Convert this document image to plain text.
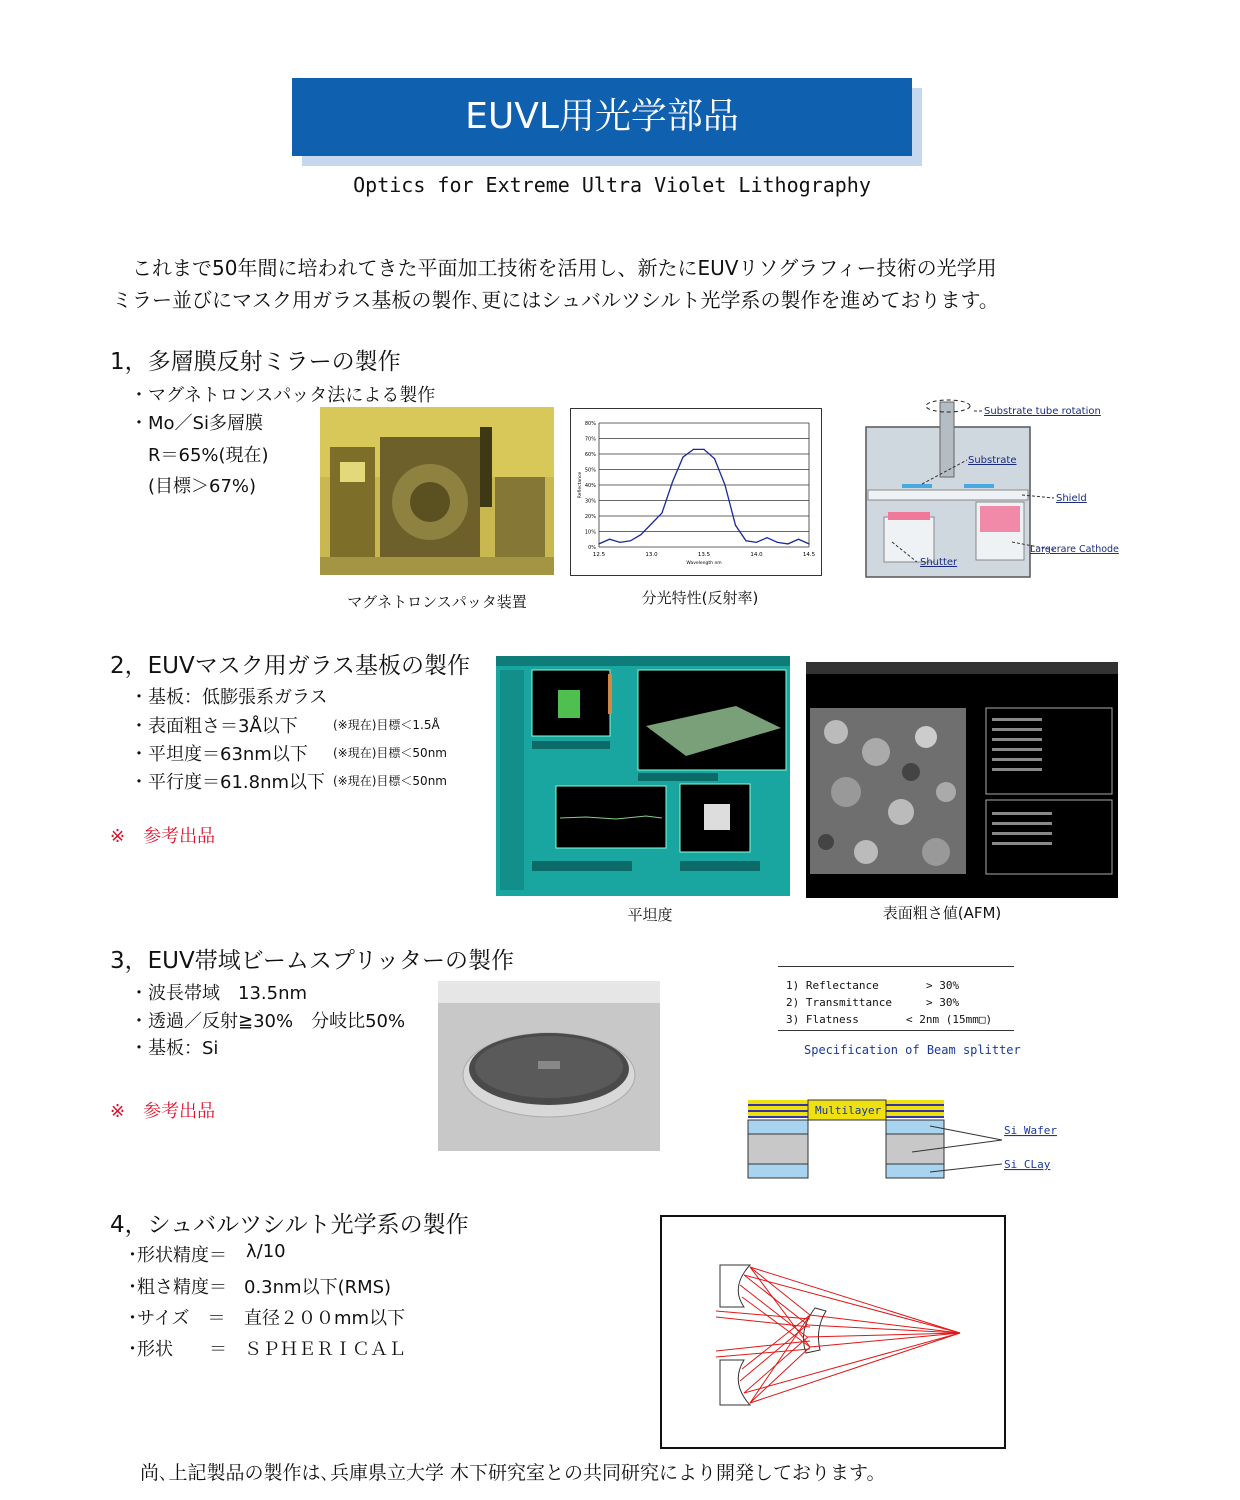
EUVL用光学部品
Optics for Extreme Ultra Violet Lithography

これまで50年間に培われてきた平面加工技術を活用し、新たにEUVリソグラフィー技術の光学用

ミラー並びにマスク用ガラス基板の製作､更にはシュバルツシルト光学系の製作を進めております。

1，多層膜反射ミラーの製作
・マグネトロンスパッタ法による製作
・Mo／Si多層膜
R＝65%(現在)
(目標＞67%)
マグネトロンスパッタ装置
0%
10%
20%
30%
40%
50%
60%
70%
80%
12.5	13.0	13.5	14.0	14.5
Wavelength nm
Reflectance
分光特性(反射率)
Substrate tube rotation
Substrate
Shield
Shutter
Largerare Cathode
2，EUVマスク用ガラス基板の製作
・基板：低膨張系ガラス
・表面粗さ＝3Å以下	(※現在)目標＜1.5Å
・平坦度＝63nm以下 (※現在)目標＜50nm
・平行度＝61.8nm以下 (※現在)目標＜50nm
※　参考出品
平坦度	表面粗さ値(AFM)
3，EUV帯域ビームスプリッターの製作
・波長帯域　13.5nm
・透過／反射≧30%　分岐比50%
・基板：Si
※　参考出品
1) Reflectance	> 30%
2) Transmittance	> 30%
3) Flatness	< 2nm (15mm□)
Specification of Beam splitter
Multilayer
Si Wafer
Si CLay
4，シュバルツシルト光学系の製作
･形状精度＝ λ/10
･粗さ精度＝ 0.3nm以下(RMS)
･サイズ　＝ 直径２００mm以下
･形状　　＝ ＳＰＨＥＲＩＣＡＬ
尚､上記製品の製作は､兵庫県立大学 木下研究室との共同研究により開発しております。
